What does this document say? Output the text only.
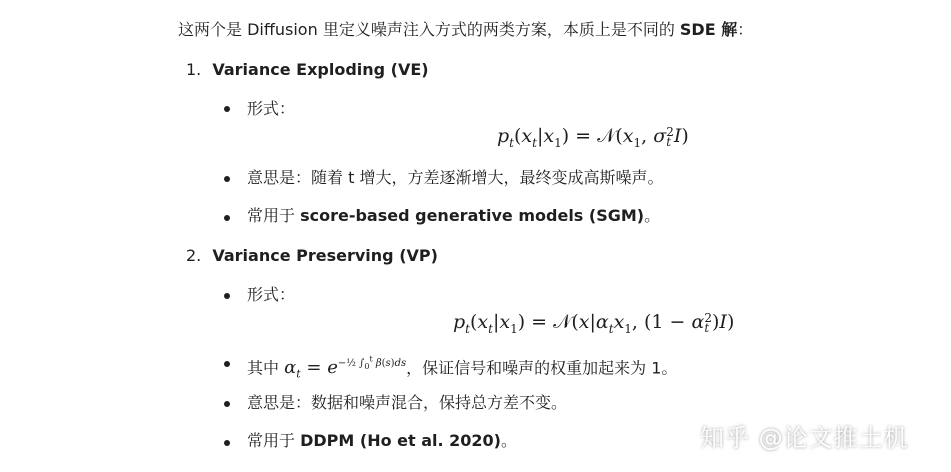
这两个是 Diffusion 里定义噪声注入方式的两类方案，本质上是不同的 SDE 解：
1. Variance Exploding (VE)
形式：
$p_t(x_t|x_1)$ = $𝒩(x_1$, σ 2
t I)
意思是：随着 t 增大，方差逐渐增大，最终变成高斯噪声。
常用于 score-based generative models (SGM)。
2. Variance Preserving (VP)
形式：
$p_t(x_t|x_1)$ = $𝒩(x|\alpha_tx_1$, (1 − α 2
t )I)
其中 $\alpha_t = e^{-\frac{1}{2} \int_0^t \beta(s)ds}$，保证信号和噪声的权重加起来为 1。
意思是：数据和噪声混合，保持总方差不变。
常用于 DDPM (Ho et al. 2020)。	知乎 @论文推土机
